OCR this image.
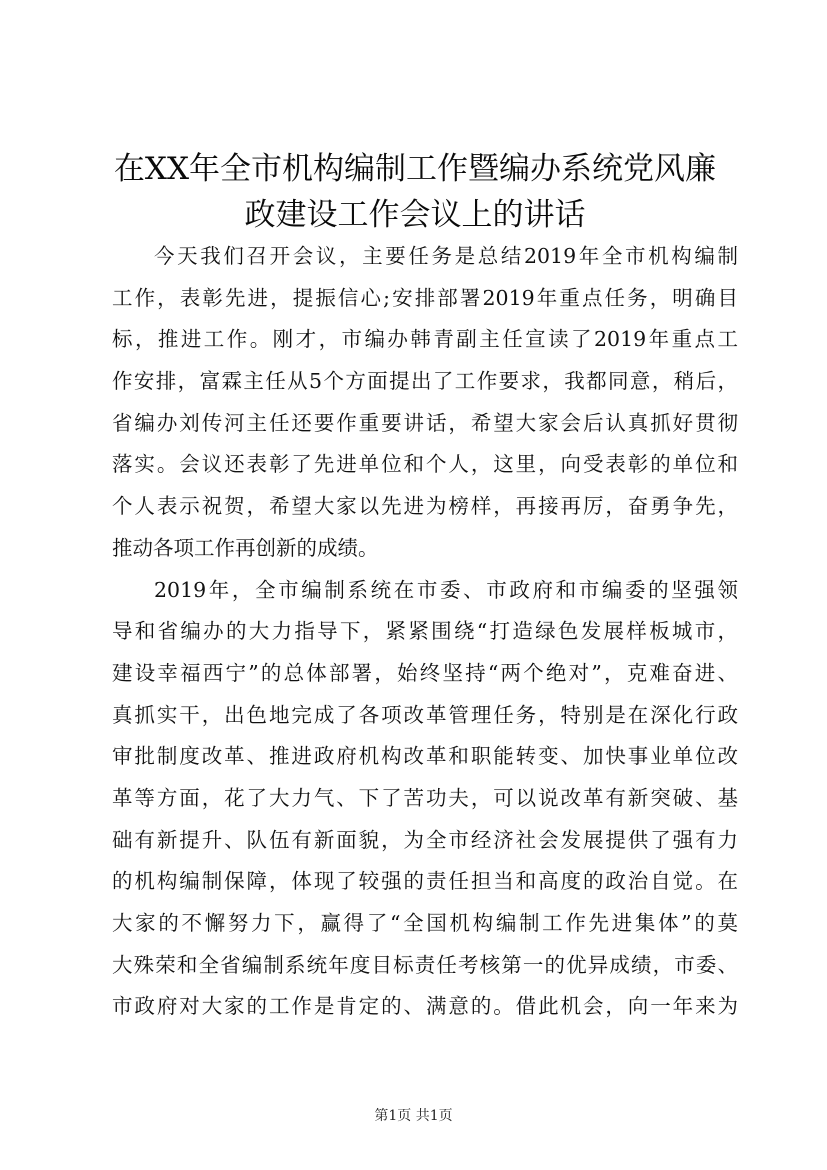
在XX年全市机构编制工作暨编办系统党风廉
政建设工作会议上的讲话
今天我们召开会议，主要任务是总结2019年全市机构编制
工作，表彰先进，提振信心;安排部署2019年重点任务，明确目
标，推进工作。刚才，市编办韩青副主任宣读了2019年重点工
作安排，富霖主任从5个方面提出了工作要求，我都同意，稍后，
省编办刘传河主任还要作重要讲话，希望大家会后认真抓好贯彻
落实。会议还表彰了先进单位和个人，这里，向受表彰的单位和
个人表示祝贺，希望大家以先进为榜样，再接再厉，奋勇争先，
推动各项工作再创新的成绩。
2019年，全市编制系统在市委、市政府和市编委的坚强领
导和省编办的大力指导下，紧紧围绕“打造绿色发展样板城市，
建设幸福西宁”的总体部署，始终坚持“两个绝对”，克难奋进、
真抓实干，出色地完成了各项改革管理任务，特别是在深化行政
审批制度改革、推进政府机构改革和职能转变、加快事业单位改
革等方面，花了大力气、下了苦功夫，可以说改革有新突破、基
础有新提升、队伍有新面貌，为全市经济社会发展提供了强有力
的机构编制保障，体现了较强的责任担当和高度的政治自觉。在
大家的不懈努力下，赢得了“全国机构编制工作先进集体”的莫
大殊荣和全省编制系统年度目标责任考核第一的优异成绩，市委、
市政府对大家的工作是肯定的、满意的。借此机会，向一年来为
第1页 共1页
